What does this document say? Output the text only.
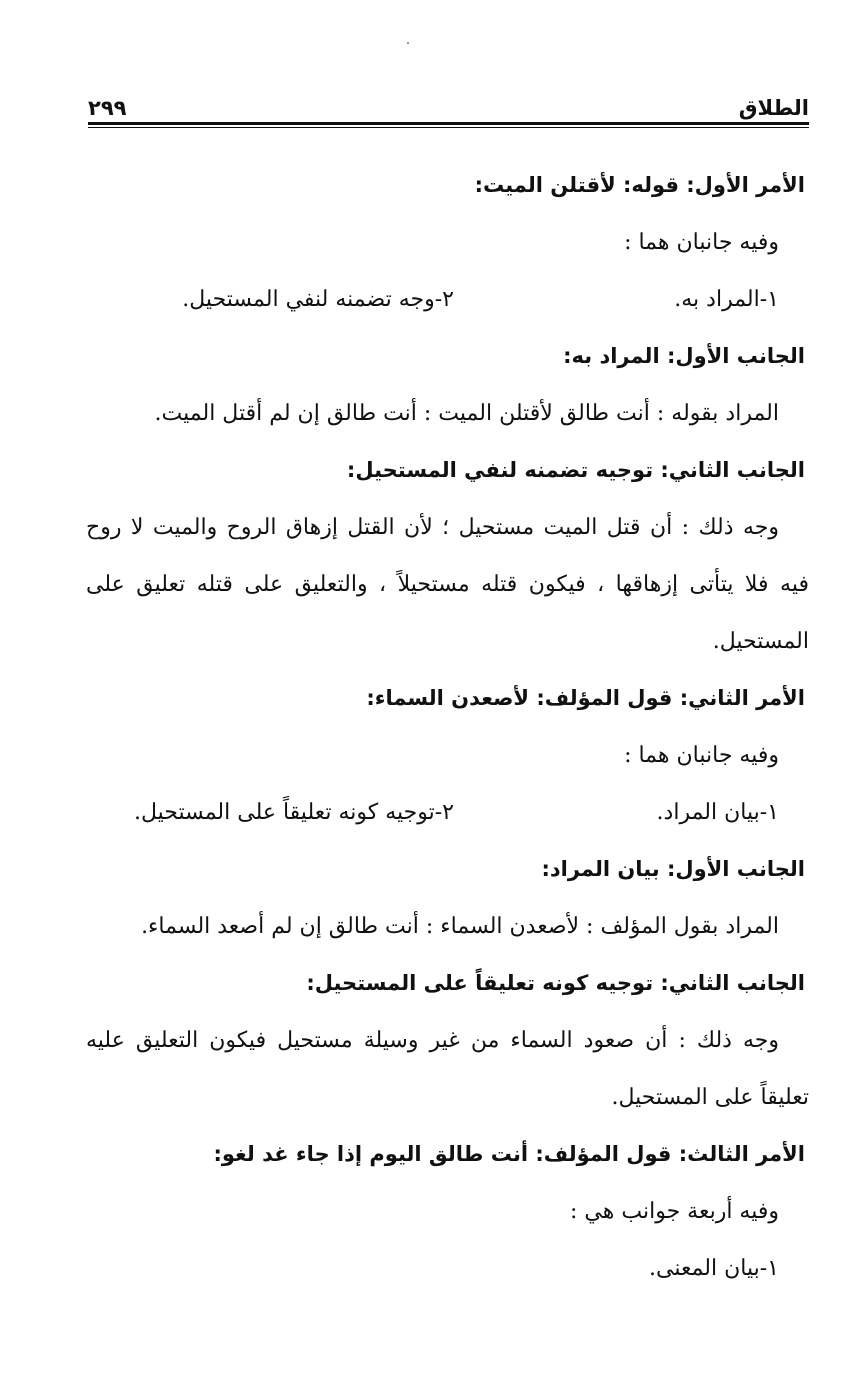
الطلاق
٢٩٩
الأمر الأول: قوله: لأقتلن الميت:
وفيه جانبان هما :
١-المراد به.
٢-وجه تضمنه لنفي المستحيل.
الجانب الأول: المراد به:
المراد بقوله : أنت طالق لأقتلن الميت : أنت طالق إن لم أقتل الميت.
الجانب الثاني: توجيه تضمنه لنفي المستحيل:
وجه ذلك : أن قتل الميت مستحيل ؛ لأن القتل إزهاق الروح والميت لا روح
فيه فلا يتأتى إزهاقها ، فيكون قتله مستحيلاً ، والتعليق على قتله تعليق على
المستحيل.
الأمر الثاني: قول المؤلف: لأصعدن السماء:
وفيه جانبان هما :
١-بيان المراد.
٢-توجيه كونه تعليقاً على المستحيل.
الجانب الأول: بيان المراد:
المراد بقول المؤلف : لأصعدن السماء : أنت طالق إن لم أصعد السماء.
الجانب الثاني: توجيه كونه تعليقاً على المستحيل:
وجه ذلك : أن صعود السماء من غير وسيلة مستحيل فيكون التعليق عليه
تعليقاً على المستحيل.
الأمر الثالث: قول المؤلف: أنت طالق اليوم إذا جاء غد لغو:
وفيه أربعة جوانب هي :
١-بيان المعنى.
